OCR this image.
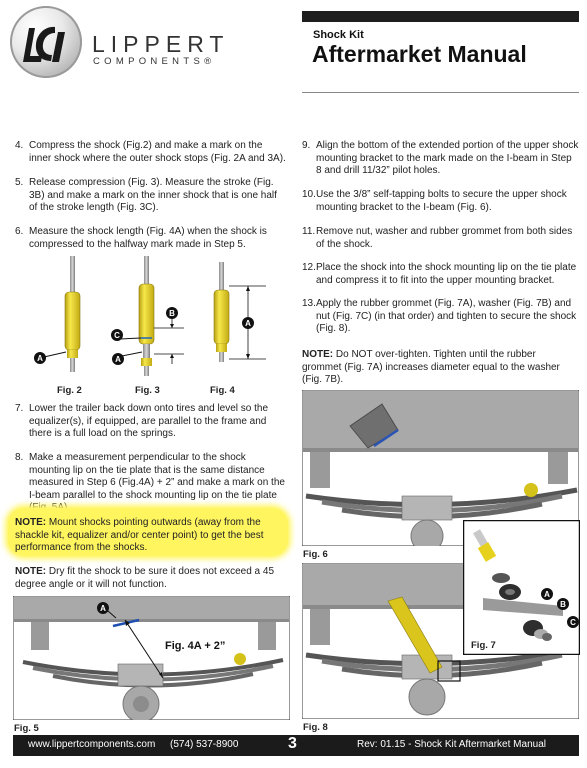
LIPPERT
COMPONENTS®
Shock Kit
Aftermarket Manual
4. Compress the shock (Fig.2) and make a mark on the inner shock where the outer shock stops (Fig. 2A and 3A).
5. Release compression (Fig. 3). Measure the stroke (Fig. 3B) and make a mark on the inner shock that is one half of the stroke length (Fig. 3C).
6. Measure the shock length (Fig. 4A) when the shock is compressed to the halfway mark made in Step 5.
A
C
A
B
A
Fig. 2	Fig. 3	Fig. 4
7. Lower the trailer back down onto tires and level so the equalizer(s), if equipped, are parallel to the frame and there is a full load on the springs.
8. Make a measurement perpendicular to the shock mounting lip on the tie plate that is the same distance measured in Step 6 (Fig.4A) + 2” and make a mark on the I-beam parallel to the shock mounting lip on the tie plate
NOTE: Mount shocks pointing outwards (away from the shackle kit, equalizer and/or center point) to get the best performance from the shocks.
NOTE: Dry fit the shock to be sure it does not exceed a 45 degree angle or it will not function.
A
Fig. 4A + 2”
Fig. 5
9. Align the bottom of the extended portion of the upper shock mounting bracket to the mark made on the I-beam in Step 8 and drill 11/32” pilot holes.
10. Use the 3/8” self-tapping bolts to secure the upper shock mounting bracket to the I-beam (Fig. 6).
11. Remove nut, washer and rubber grommet from both sides of the shock.
12. Place the shock into the shock mounting lip on the tie plate and compress it to fit into the upper mounting bracket.
13. Apply the rubber grommet (Fig. 7A), washer (Fig. 7B) and nut (Fig. 7C) (in that order) and tighten to secure the shock (Fig. 8).
NOTE: Do NOT over-tighten. Tighten until the rubber grommet (Fig. 7A) increases diameter equal to the washer (Fig. 7B).
Fig. 6
Fig. 8
A
B
C
Fig. 7
www.lippertcomponents.com (574) 537-8900	3	Rev: 01.15 - Shock Kit Aftermarket Manual
